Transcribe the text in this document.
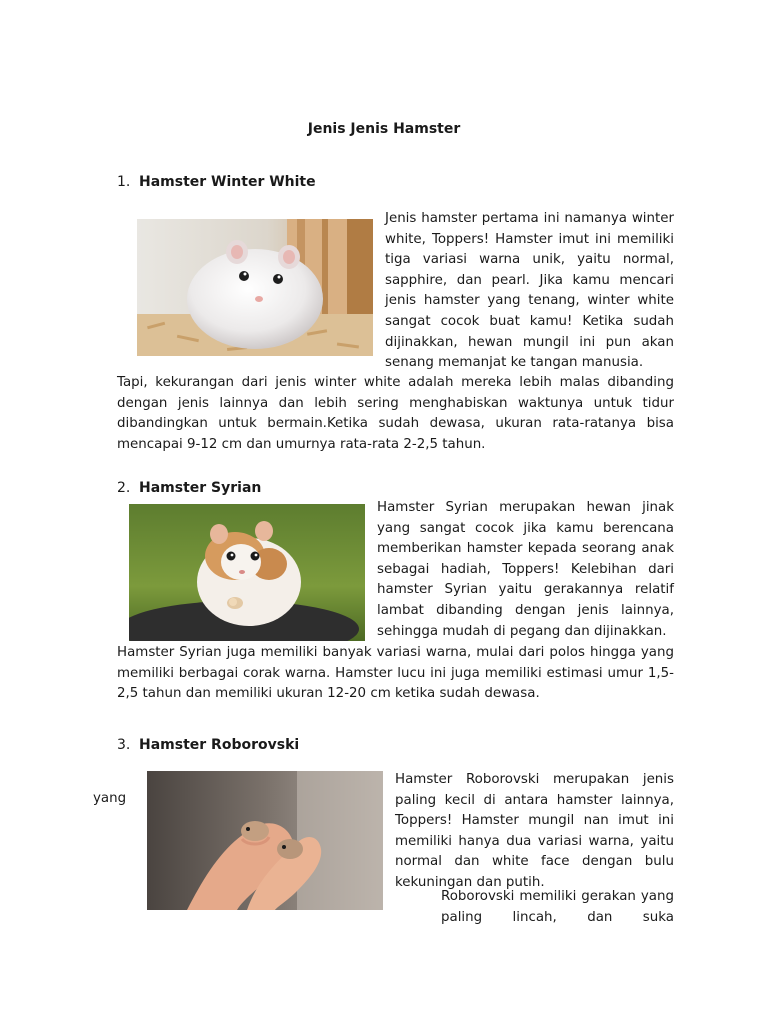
Jenis Jenis Hamster
1. Hamster Winter White
Jenis hamster pertama ini namanya winter white, Toppers! Hamster imut ini memiliki tiga variasi warna unik, yaitu normal, sapphire, dan pearl. Jika kamu mencari jenis hamster yang tenang, winter white sangat cocok buat kamu! Ketika sudah dijinakkan, hewan mungil ini pun akan senang memanjat ke tangan manusia.
Tapi, kekurangan dari jenis winter white adalah mereka lebih malas dibanding dengan jenis lainnya dan lebih sering menghabiskan waktunya untuk tidur dibandingkan untuk bermain.Ketika sudah dewasa, ukuran rata-ratanya bisa mencapai 9-12 cm dan umurnya rata-rata 2-2,5 tahun.
2. Hamster Syrian
Hamster Syrian merupakan hewan jinak yang sangat cocok jika kamu berencana memberikan hamster kepada seorang anak sebagai hadiah, Toppers! Kelebihan dari hamster Syrian yaitu gerakannya relatif lambat dibanding dengan jenis lainnya, sehingga mudah di pegang dan dijinakkan.
Hamster Syrian juga memiliki banyak variasi warna, mulai dari polos hingga yang memiliki berbagai corak warna. Hamster lucu ini juga memiliki estimasi umur 1,5-2,5 tahun dan memiliki ukuran 12-20 cm ketika sudah dewasa.
3. Hamster Roborovski
yang
Hamster Roborovski merupakan jenis paling kecil di antara hamster lainnya, Toppers! Hamster mungil nan imut ini memiliki hanya dua variasi warna, yaitu normal dan white face dengan bulu kekuningan dan putih.
Roborovski memiliki gerakan yang paling lincah, dan suka
